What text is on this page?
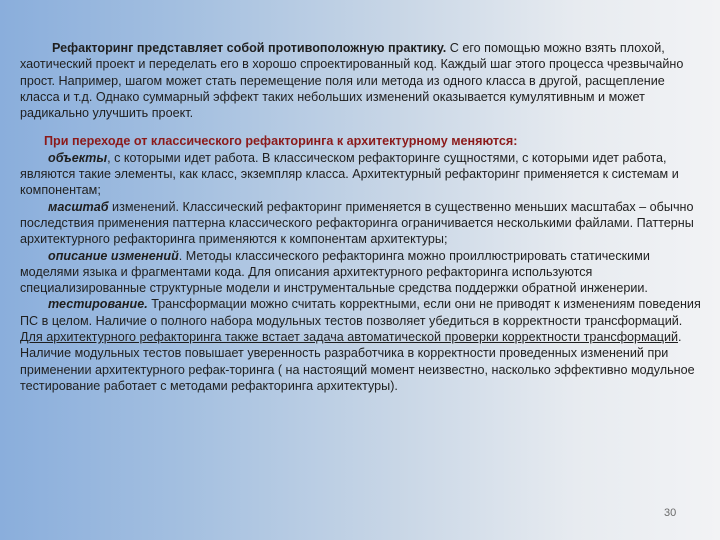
Рефакторинг представляет собой противоположную практику. С его помощью можно взять плохой, хаотический проект и переделать его в хорошо спроектированный код. Каждый шаг этого процесса чрезвычайно прост. Например, шагом может стать перемещение поля или метода из одного класса в другой, расщепление класса и т.д. Однако суммарный эффект таких небольших изменений оказывается кумулятивным и может радикально улучшить проект.

При переходе от классического рефакторинга к архитектурному меняются:

объекты, с которыми идет работа. В классическом рефакторинге сущностями, с которыми идет работа, являются такие элементы, как класс, экземпляр класса. Архитектурный рефакторинг применяется к системам и компонентам;

масштаб изменений. Классический рефакторинг применяется в существенно меньших масштабах – обычно последствия применения паттерна классического рефакторинга ограничивается несколькими файлами. Паттерны архитектурного рефакторинга применяются к компонентам архитектуры;

описание изменений. Методы классического рефакторинга можно проиллюстрировать статическими моделями языка и фрагментами кода. Для описания архитектурного рефакторинга используются специализированные структурные модели и инструментальные средства поддержки обратной инженерии.

тестирование. Трансформации можно считать корректными, если они не приводят к изменениям поведения ПС в целом. Наличие о полного набора модульных тестов позволяет убедиться в корректности трансформаций. Для архитектурного рефакторинга также встает задача автоматической проверки корректности трансформаций. Наличие модульных тестов повышает уверенность разработчика в корректности проведенных изменений при применении архитектурного рефак-торинга ( на настоящий момент неизвестно, насколько эффективно модульное тестирование работает с методами рефакторинга архитектуры).

30
